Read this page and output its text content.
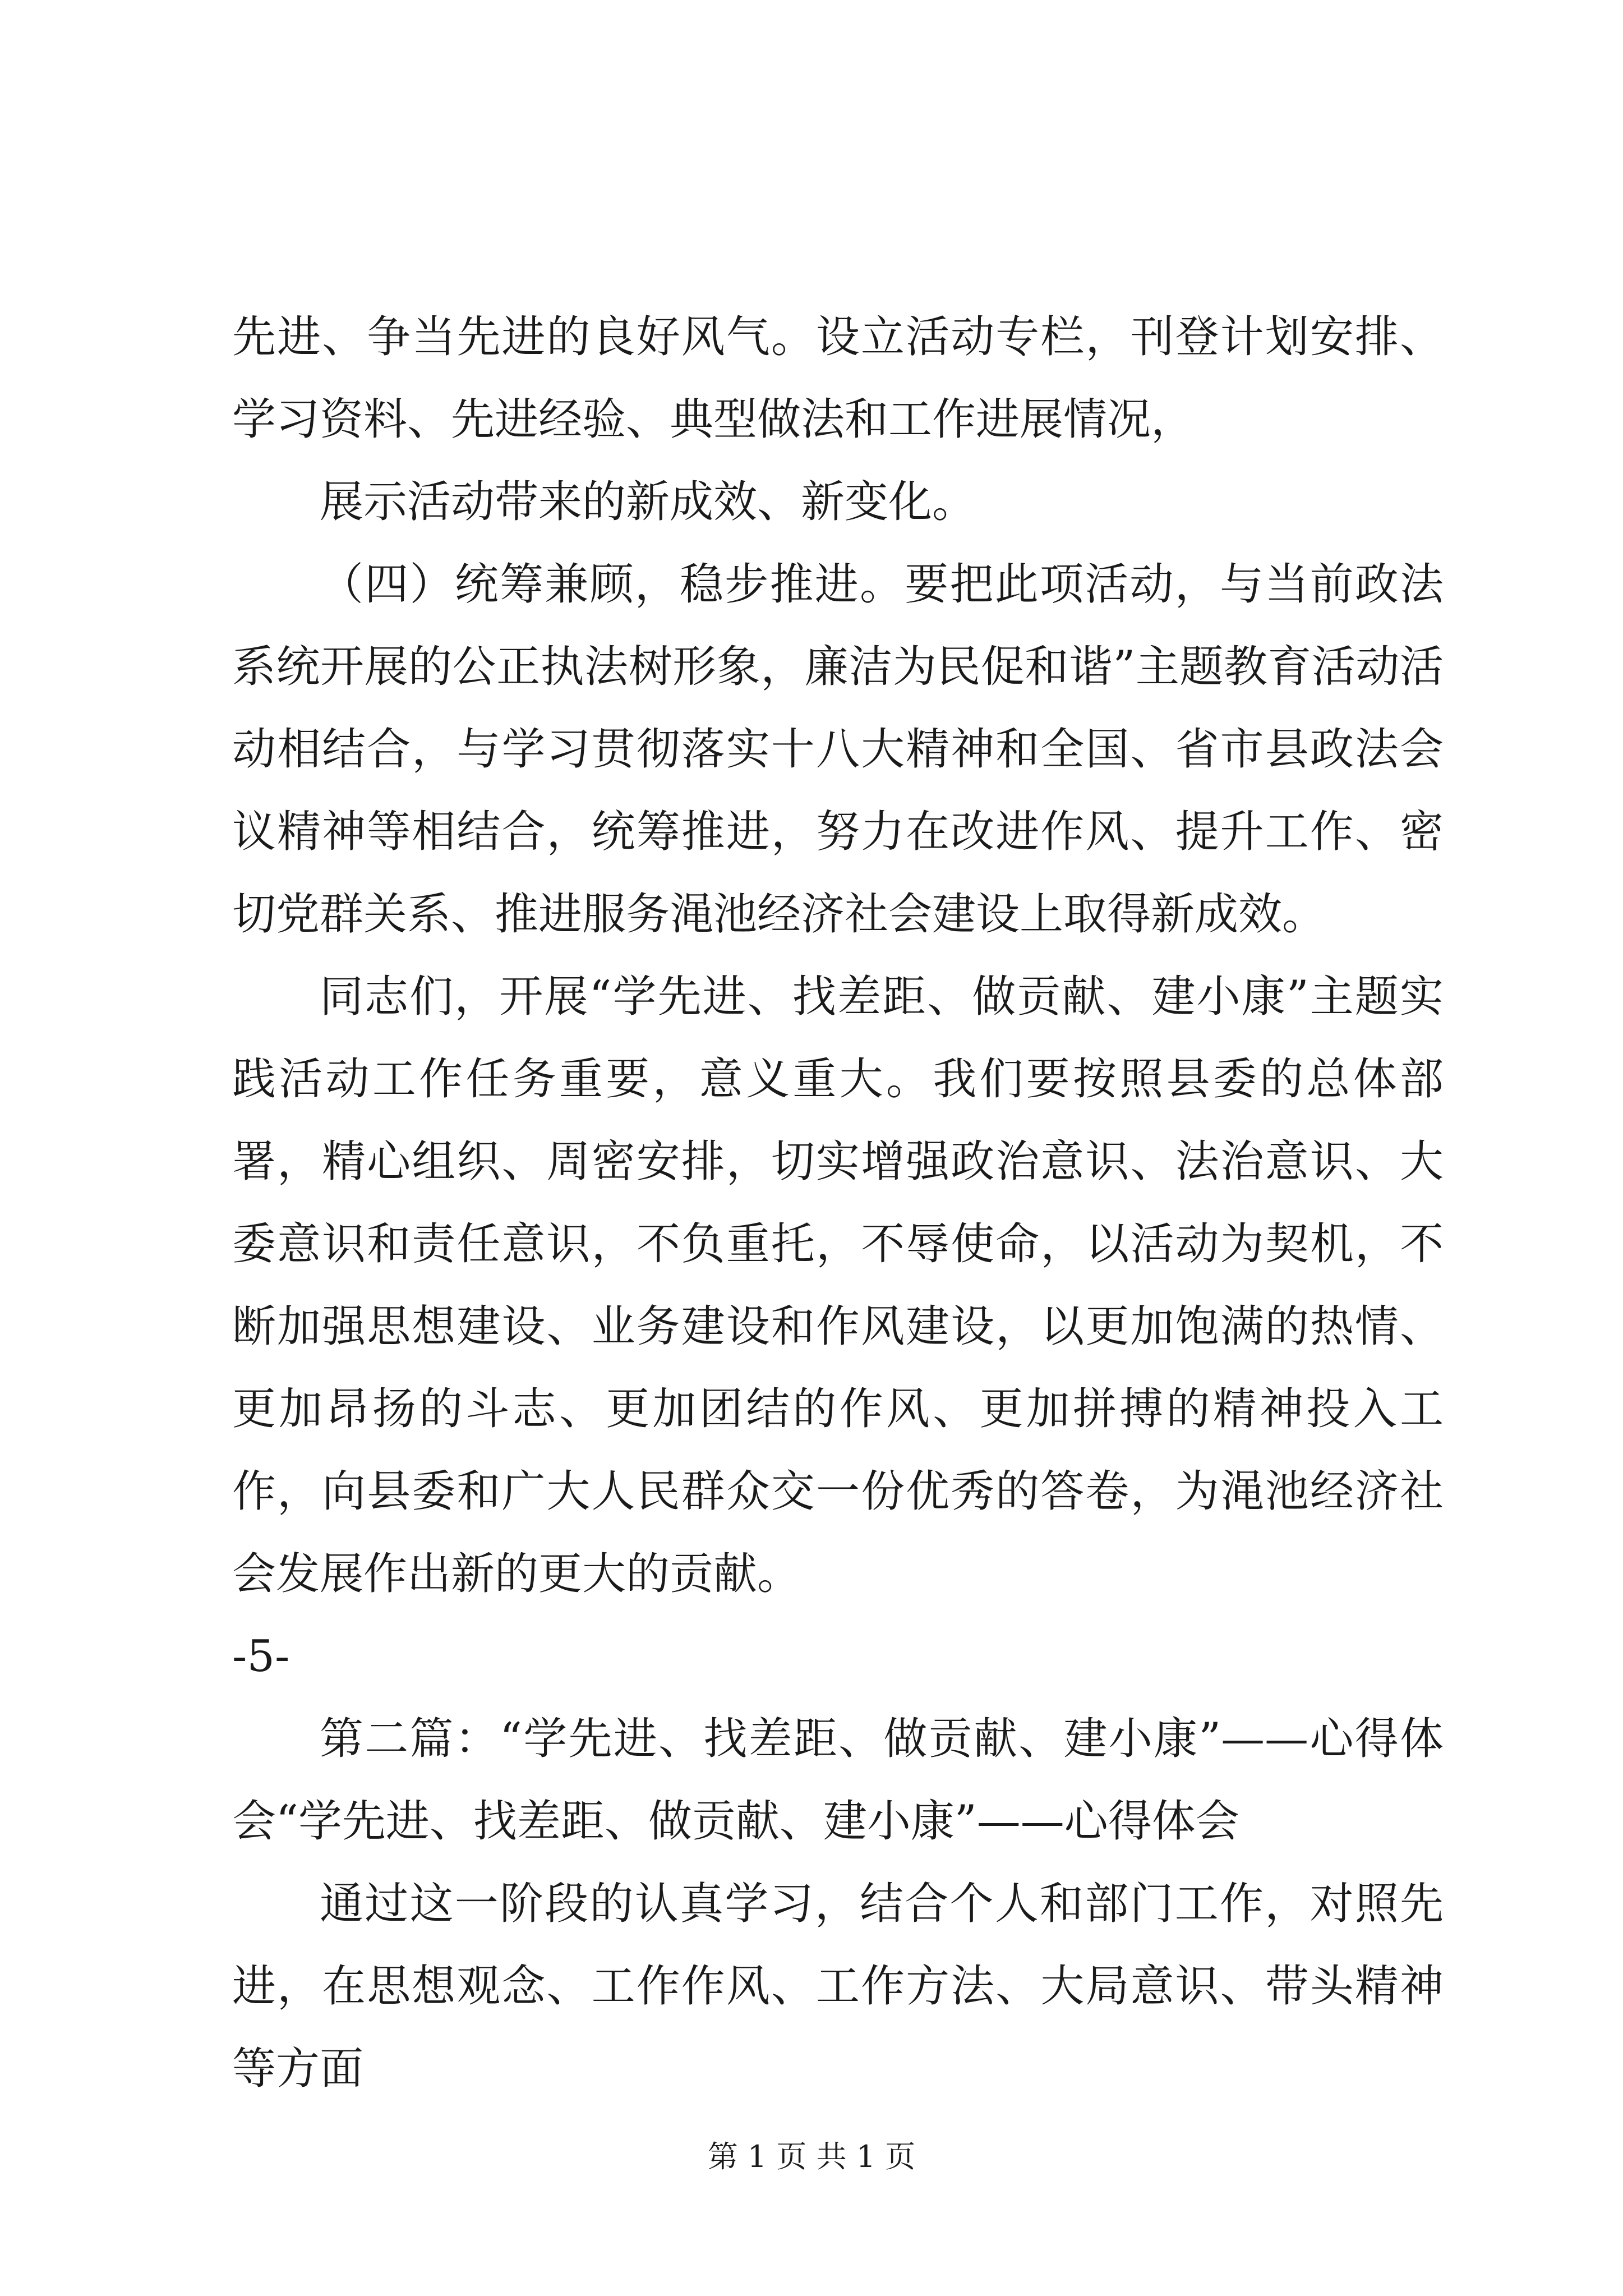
先进、争当先进的良好风气。设立活动专栏，刊登计划安排、学习资料、先进经验、典型做法和工作进展情况，

展示活动带来的新成效、新变化。

（四）统筹兼顾，稳步推进。要把此项活动，与当前政法系统开展的公正执法树形象，廉洁为民促和谐”主题教育活动活动相结合，与学习贯彻落实十八大精神和全国、省市县政法会议精神等相结合，统筹推进，努力在改进作风、提升工作、密切党群关系、推进服务渑池经济社会建设上取得新成效。

同志们，开展“学先进、找差距、做贡献、建小康”主题实践活动工作任务重要，意义重大。我们要按照县委的总体部署，精心组织、周密安排，切实增强政治意识、法治意识、大委意识和责任意识，不负重托，不辱使命，以活动为契机，不断加强思想建设、业务建设和作风建设，以更加饱满的热情、更加昂扬的斗志、更加团结的作风、更加拼搏的精神投入工作，向县委和广大人民群众交一份优秀的答卷，为渑池经济社会发展作出新的更大的贡献。

-5-

第二篇：“学先进、找差距、做贡献、建小康”——心得体会“学先进、找差距、做贡献、建小康”——心得体会

通过这一阶段的认真学习，结合个人和部门工作，对照先进，在思想观念、工作作风、工作方法、大局意识、带头精神等方面

第 1 页 共 1 页
